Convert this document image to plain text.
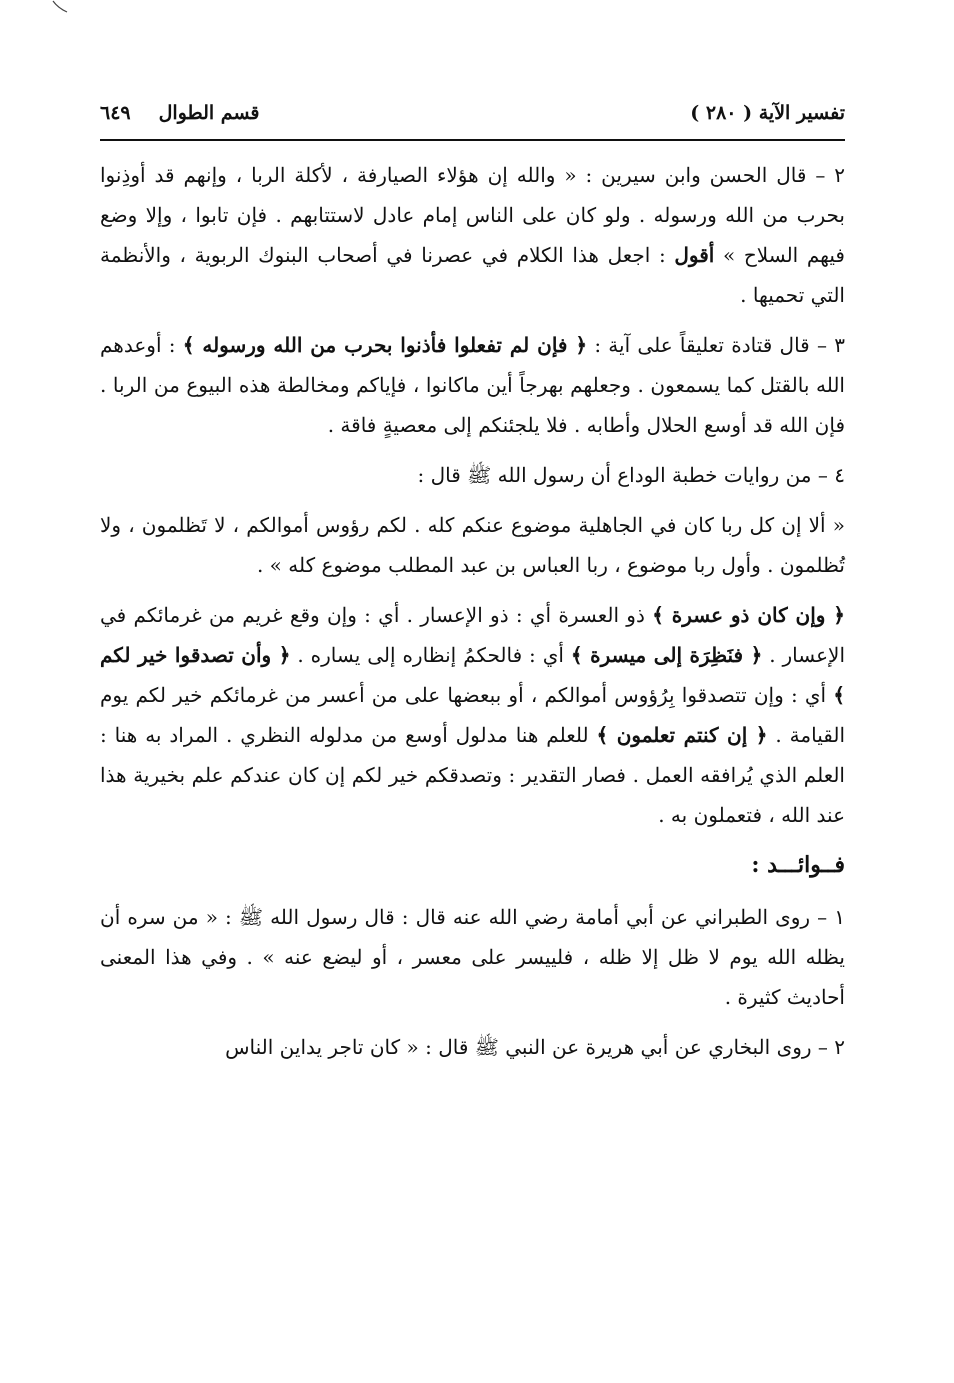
تفسير الآية ( ٢٨٠ )
قسم الطوال
٦٤٩

٢ – قال الحسن وابن سيرين : « والله إن هؤلاء الصيارفة ، لأكلة الربا ، وإنهم قد أوذِنوا بحرب من الله ورسوله . ولو كان على الناس إمام عادل لاستتابهم . فإن تابوا ، وإلا وضع فيهم السلاح » أقول : اجعل هذا الكلام في عصرنا في أصحاب البنوك الربوية ، والأنظمة التي تحميها .

٣ – قال قتادة تعليقاً على آية : ﴿ فإن لم تفعلوا فأذنوا بحرب من الله ورسوله ﴾ : أوعدهم الله بالقتل كما يسمعون . وجعلهم بهرجاً أين ماكانوا ، فإياكم ومخالطة هذه البيوع من الربا . فإن الله قد أوسع الحلال وأطابه . فلا يلجئنكم إلى معصيةٍ فاقة .

٤ – من روايات خطبة الوداع أن رسول الله ﷺ قال :

« ألا إن كل ربا كان في الجاهلية موضوع عنكم كله . لكم رؤوس أموالكم ، لا تَظلمون ، ولا تُظلمون . وأول ربا موضوع ، ربا العباس بن عبد المطلب موضوع كله » .

﴿ وإن كان ذو عسرة ﴾ ذو العسرة أي : ذو الإعسار . أي : وإن وقع غريم من غرمائكم في الإعسار . ﴿ فنَظِرَة إلى ميسرة ﴾ أي : فالحكمُ إنظاره إلى يساره . ﴿ وأن تصدقوا خير لكم ﴾ أي : وإن تتصدقوا بِرُؤوس أموالكم ، أو ببعضها على من أعسر من غرمائكم خير لكم يوم القيامة . ﴿ إن كنتم تعلمون ﴾ للعلم هنا مدلول أوسع من مدلوله النظري . المراد به هنا : العلم الذي يُرافقه العمل . فصار التقدير : وتصدقكم خير لكم إن كان عندكم علم بخيرية هذا عند الله ، فتعملون به .

فــوائـــد :

١ – روى الطبراني عن أبي أمامة رضي الله عنه قال : قال رسول الله ﷺ : « من سره أن يظله الله يوم لا ظل إلا ظله ، فلييسر على معسر ، أو ليضع عنه » . وفي هذا المعنى أحاديث كثيرة .

٢ – روى البخاري عن أبي هريرة عن النبي ﷺ قال : « كان تاجر يداين الناس
